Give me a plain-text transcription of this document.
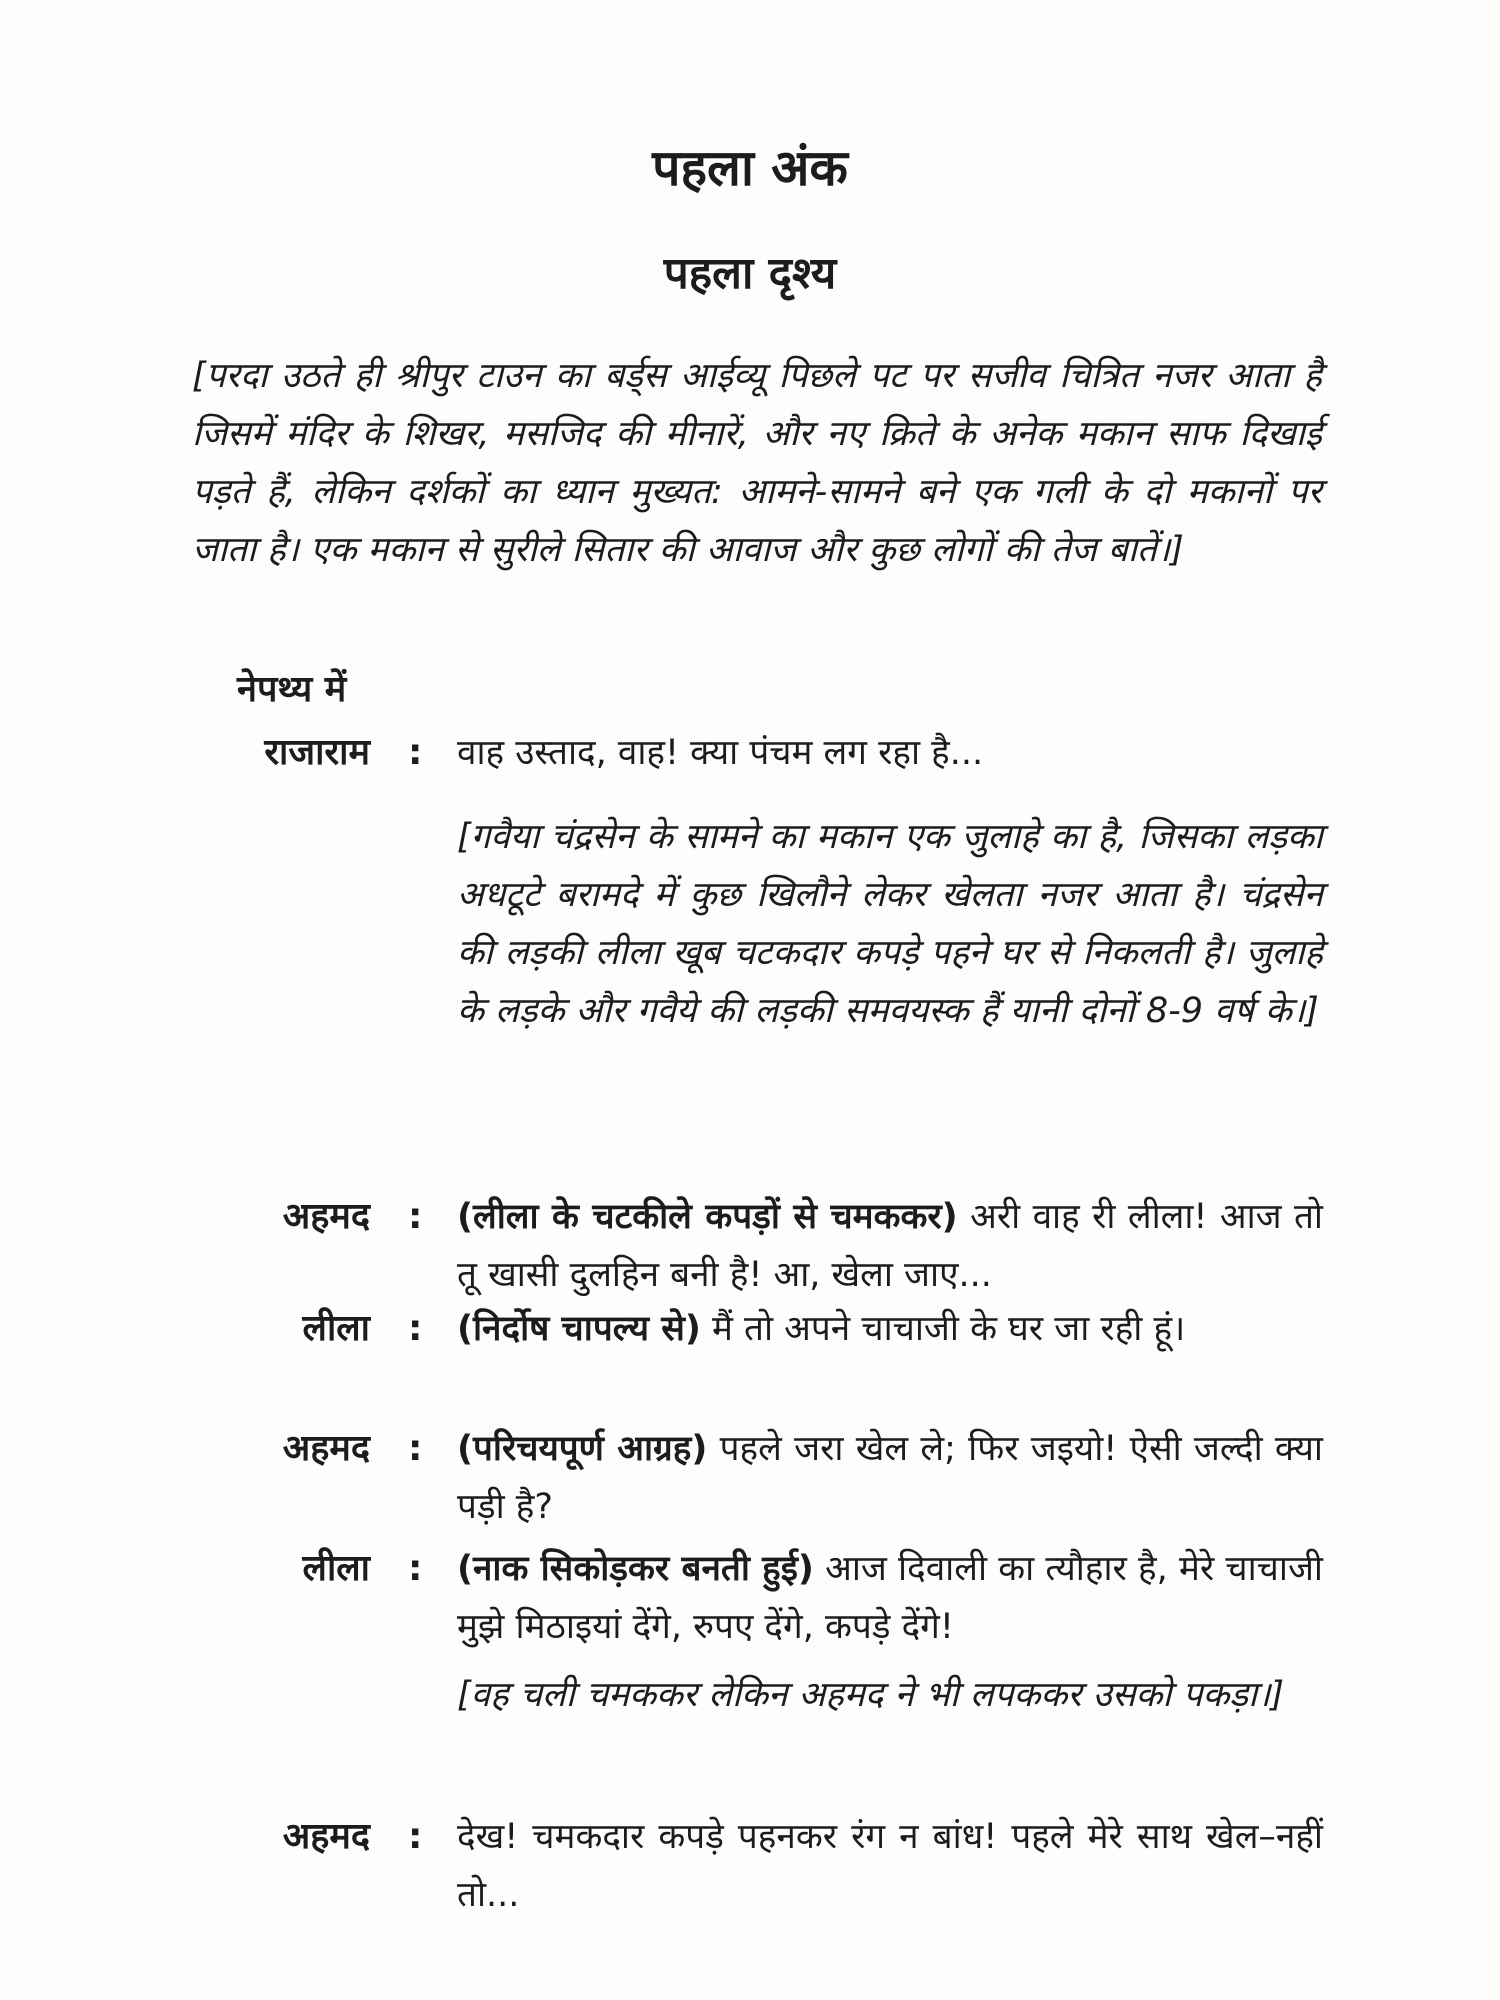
पहला अंक
पहला दृश्य

[परदा उठते ही श्रीपुर टाउन का बर्ड्स आईव्यू पिछले पट पर सजीव चित्रित नजर आता है जिसमें मंदिर के शिखर, मसजिद की मीनारें, और नए क्रिते के अनेक मकान साफ दिखाई पड़ते हैं, लेकिन दर्शकों का ध्यान मुख्यत: आमने-सामने बने एक गली के दो मकानों पर जाता है। एक मकान से सुरीले सितार की आवाज और कुछ लोगों की तेज बातें।]

नेपथ्य में

राजाराम : वाह उस्ताद, वाह! क्या पंचम लग रहा है...

[गवैया चंद्रसेन के सामने का मकान एक जुलाहे का है, जिसका लड़का अधटूटे बरामदे में कुछ खिलौने लेकर खेलता नजर आता है। चंद्रसेन की लड़की लीला खूब चटकदार कपड़े पहने घर से निकलती है। जुलाहे के लड़के और गवैये की लड़की समवयस्क हैं यानी दोनों 8-9 वर्ष के।]

अहमद : (लीला के चटकीले कपड़ों से चमककर) अरी वाह री लीला! आज तो तू खासी दुलहिन बनी है! आ, खेला जाए...

लीला : (निर्दोष चापल्य से) मैं तो अपने चाचाजी के घर जा रही हूं।

अहमद : (परिचयपूर्ण आग्रह) पहले जरा खेल ले; फिर जइयो! ऐसी जल्दी क्या पड़ी है?

लीला : (नाक सिकोड़कर बनती हुई) आज दिवाली का त्यौहार है, मेरे चाचाजी मुझे मिठाइयां देंगे, रुपए देंगे, कपड़े देंगे!

[वह चली चमककर लेकिन अहमद ने भी लपककर उसको पकड़ा।]

अहमद : देख! चमकदार कपड़े पहनकर रंग न बांध! पहले मेरे साथ खेल–नहीं तो...
